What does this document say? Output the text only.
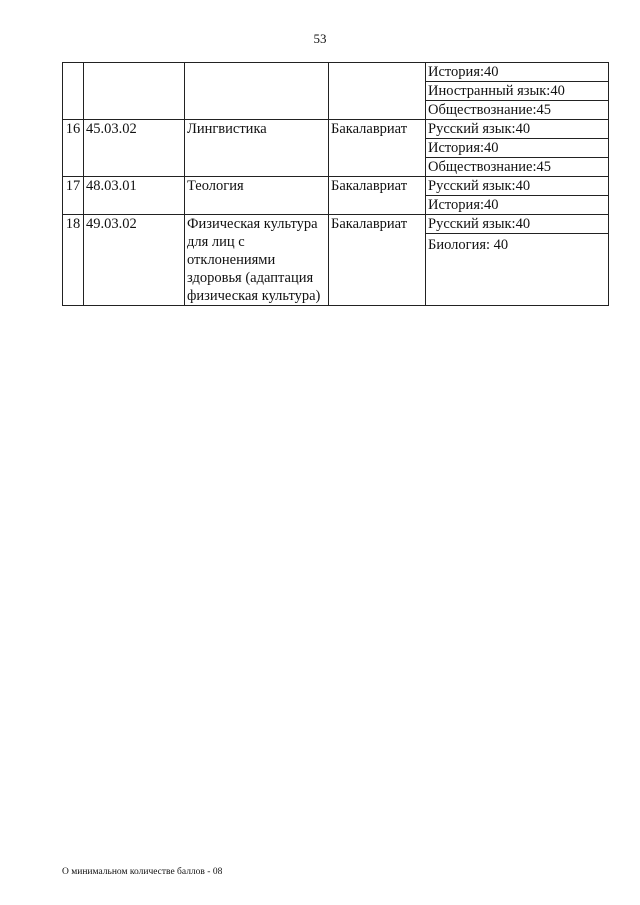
53
				История:40
				Иностранный язык:40
				Обществознание:45
16	45.03.02	Лингвистика	Бакалавриат	Русский язык:40
				История:40
				Обществознание:45
17	48.03.01	Теология	Бакалавриат	Русский язык:40
				История:40
18	49.03.02	Физическая культура для лиц с отклонениями здоровья (адаптация физическая культура)	Бакалавриат	Русский язык:40
				Биология: 40
О минимальном количестве баллов - 08
